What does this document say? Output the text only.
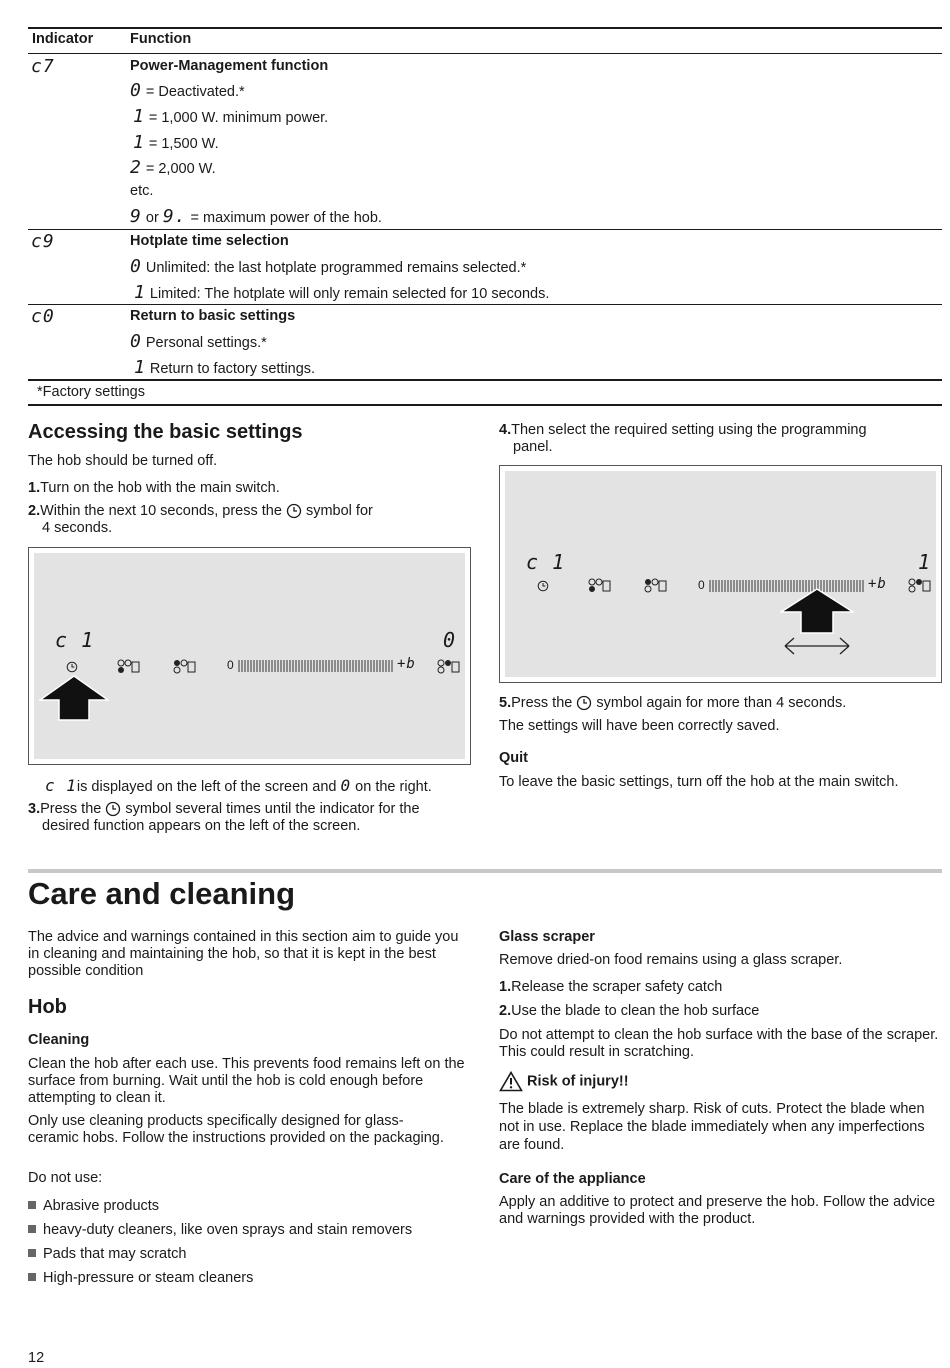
Indicator	Function
c7	Power-Management function
0 = Deactivated.*
1 = 1,000 W. minimum power.
1 = 1,500 W.
2 = 2,000 W.
etc.
9 or 9. = maximum power of the hob.
c9	Hotplate time selection
0 Unlimited: the last hotplate programmed remains selected.*
1 Limited: The hotplate will only remain selected for 10 seconds.
c0	Return to basic settings
0 Personal settings.*
1 Return to factory settings.
*Factory settings
Accessing the basic settings
The hob should be turned off.
1.Turn on the hob with the main switch.
2.Within the next 10 seconds, press the symbol for
4 seconds.
c 1	0
0	+b
c 1is displayed on the left of the screen and 0 on the right.
3.Press the symbol several times until the indicator for the
desired function appears on the left of the screen.
4.Then select the required setting using the programming
panel.
c 1	1
0	+b
5.Press the symbol again for more than 4 seconds.
The settings will have been correctly saved.
Quit
To leave the basic settings, turn off the hob at the main switch.
Care and cleaning
The advice and warnings contained in this section aim to guide you in cleaning and maintaining the hob, so that it is kept in the best possible condition
Hob
Cleaning
Clean the hob after each use. This prevents food remains left on the surface from burning. Wait until the hob is cold enough before attempting to clean it.
Only use cleaning products specifically designed for glass-ceramic hobs. Follow the instructions provided on the packaging.
Do not use:
Abrasive products
heavy-duty cleaners, like oven sprays and stain removers
Pads that may scratch
High-pressure or steam cleaners
Glass scraper
Remove dried-on food remains using a glass scraper.
1.Release the scraper safety catch
2.Use the blade to clean the hob surface
Do not attempt to clean the hob surface with the base of the scraper. This could result in scratching.
Risk of injury!!
The blade is extremely sharp. Risk of cuts. Protect the blade when not in use. Replace the blade immediately when any imperfections are found.
Care of the appliance
Apply an additive to protect and preserve the hob. Follow the advice and warnings provided with the product.
12
